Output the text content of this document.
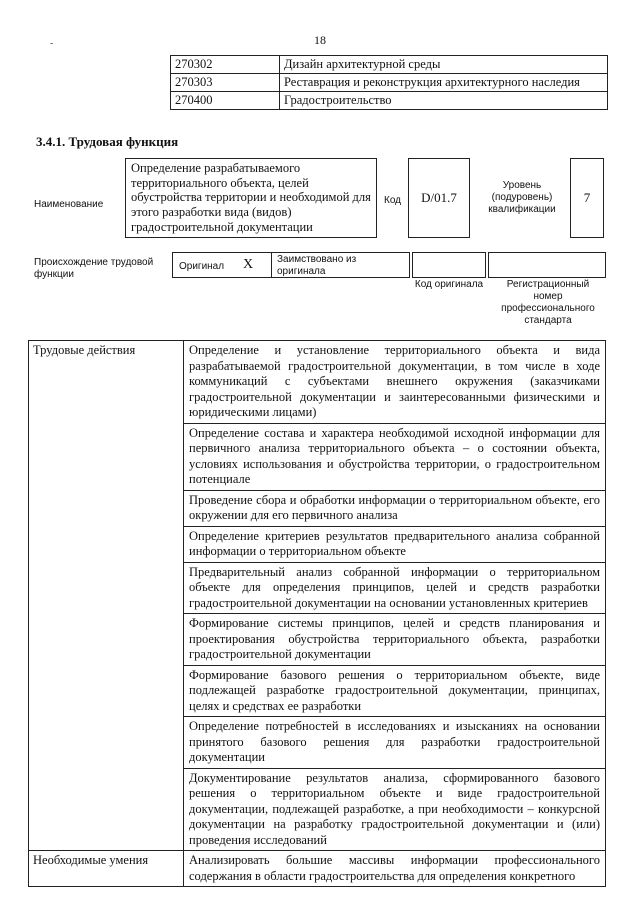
18
-
	270302	Дизайн архитектурной среды
	270303	Реставрация и реконструкция архитектурного наследия
	270400	Градостроительство
3.4.1. Трудовая функция
Наименование
Определение разрабатываемого территориального объекта, целей обустройства территории и необходимой для этого разработки вида (видов) градостроительной документации
Код	D/01.7
Уровень (подуровень) квалификации
7
Происхождение трудовой функции
Оригинал X Заимствовано из оригинала
Код оригинала	Регистрационный номер профессионального стандарта
Трудовые действия	Определение и установление территориального объекта и вида разрабатываемой градостроительной документации, в том числе в ходе коммуникаций с субъектами внешнего окружения (заказчиками градостроительной документации и заинтересованными физическими и юридическими лицами)
	Определение состава и характера необходимой исходной информации для первичного анализа территориального объекта – о состоянии объекта, условиях использования и обустройства территории, о градостроительном потенциале
	Проведение сбора и обработки информации о территориальном объекте, его окружении для его первичного анализа
	Определение критериев результатов предварительного анализа собранной информации о территориальном объекте
	Предварительный анализ собранной информации о территориальном объекте для определения принципов, целей и средств разработки градостроительной документации на основании установленных критериев
	Формирование системы принципов, целей и средств планирования и проектирования обустройства территориального объекта, разработки градостроительной документации
	Формирование базового решения о территориальном объекте, виде подлежащей разработке градостроительной документации, принципах, целях и средствах ее разработки
	Определение потребностей в исследованиях и изысканиях на основании принятого базового решения для разработки градостроительной документации
	Документирование результатов анализа, сформированного базового решения о территориальном объекте и виде градостроительной документации, подлежащей разработке, а при необходимости – конкурсной документации на разработку градостроительной документации и (или) проведения исследований
Необходимые умения	Анализировать большие массивы информации профессионального содержания в области градостроительства для определения конкретного
